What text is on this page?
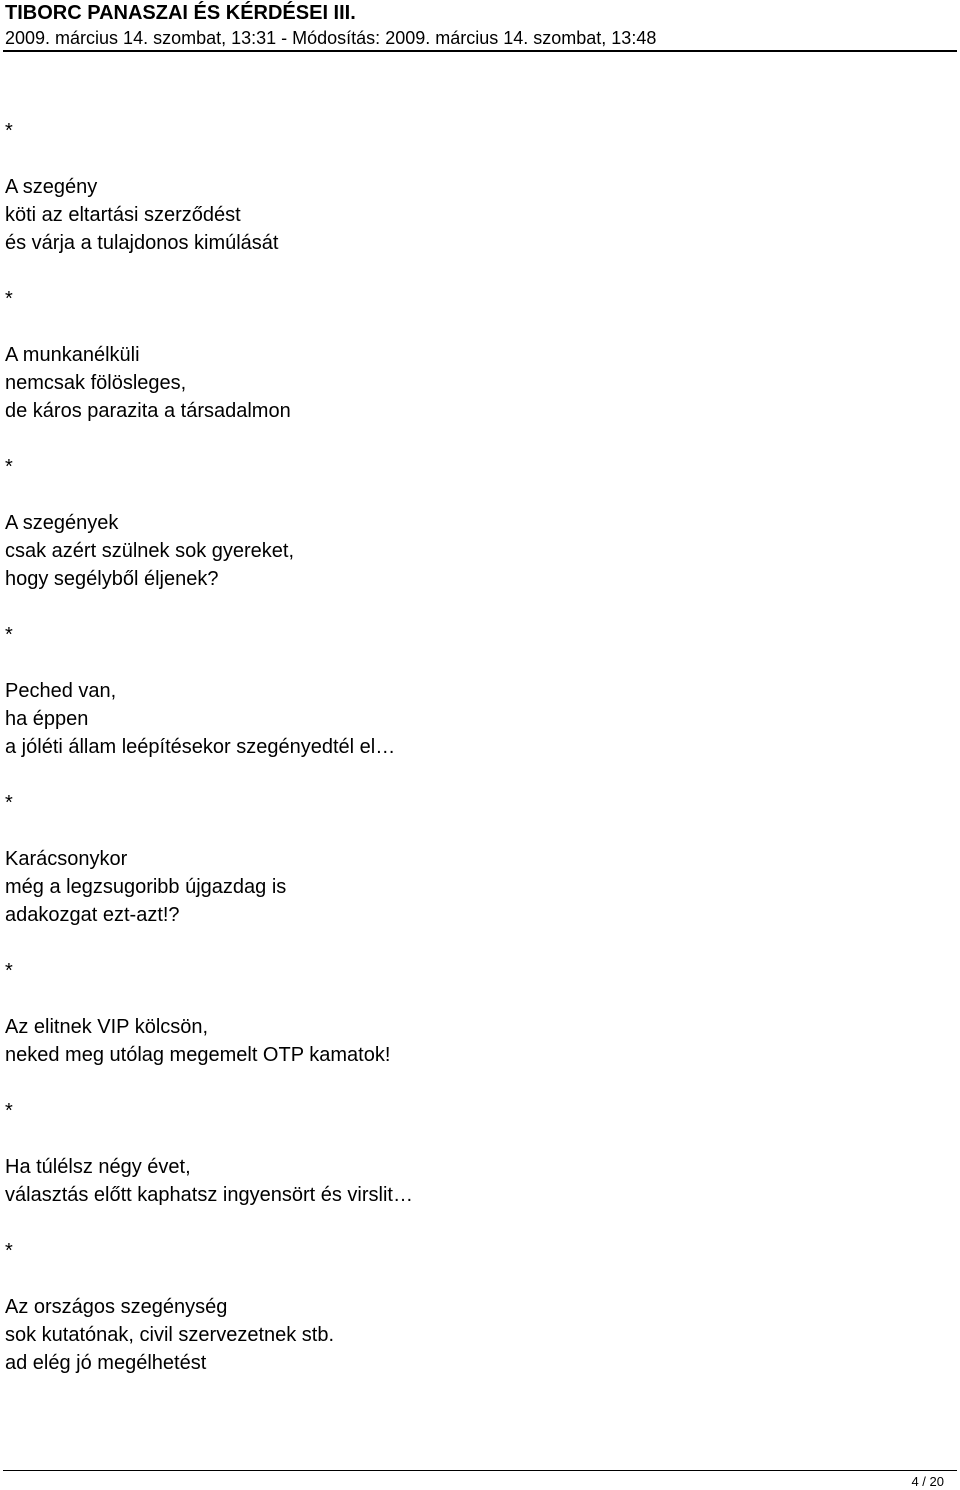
TIBORC PANASZAI ÉS KÉRDÉSEI III.
2009. március 14. szombat, 13:31 - Módosítás: 2009. március 14. szombat, 13:48
*
A szegény
köti az eltartási szerződést
és várja a tulajdonos kimúlását
*
A munkanélküli
nemcsak fölösleges,
de káros parazita a társadalmon
*
A szegények
csak azért szülnek sok gyereket,
hogy segélyből éljenek?
*
Peched van,
ha éppen
a jóléti állam leépítésekor szegényedtél el…
*
Karácsonykor
még a legzsugoribb újgazdag is
adakozgat ezt-azt!?
*
Az elitnek VIP kölcsön,
neked meg utólag megemelt OTP kamatok!
*
Ha túlélsz négy évet,
választás előtt kaphatsz ingyensört és virslit…
*
Az országos szegénység
sok kutatónak, civil szervezetnek stb.
ad elég jó megélhetést
4 / 20
